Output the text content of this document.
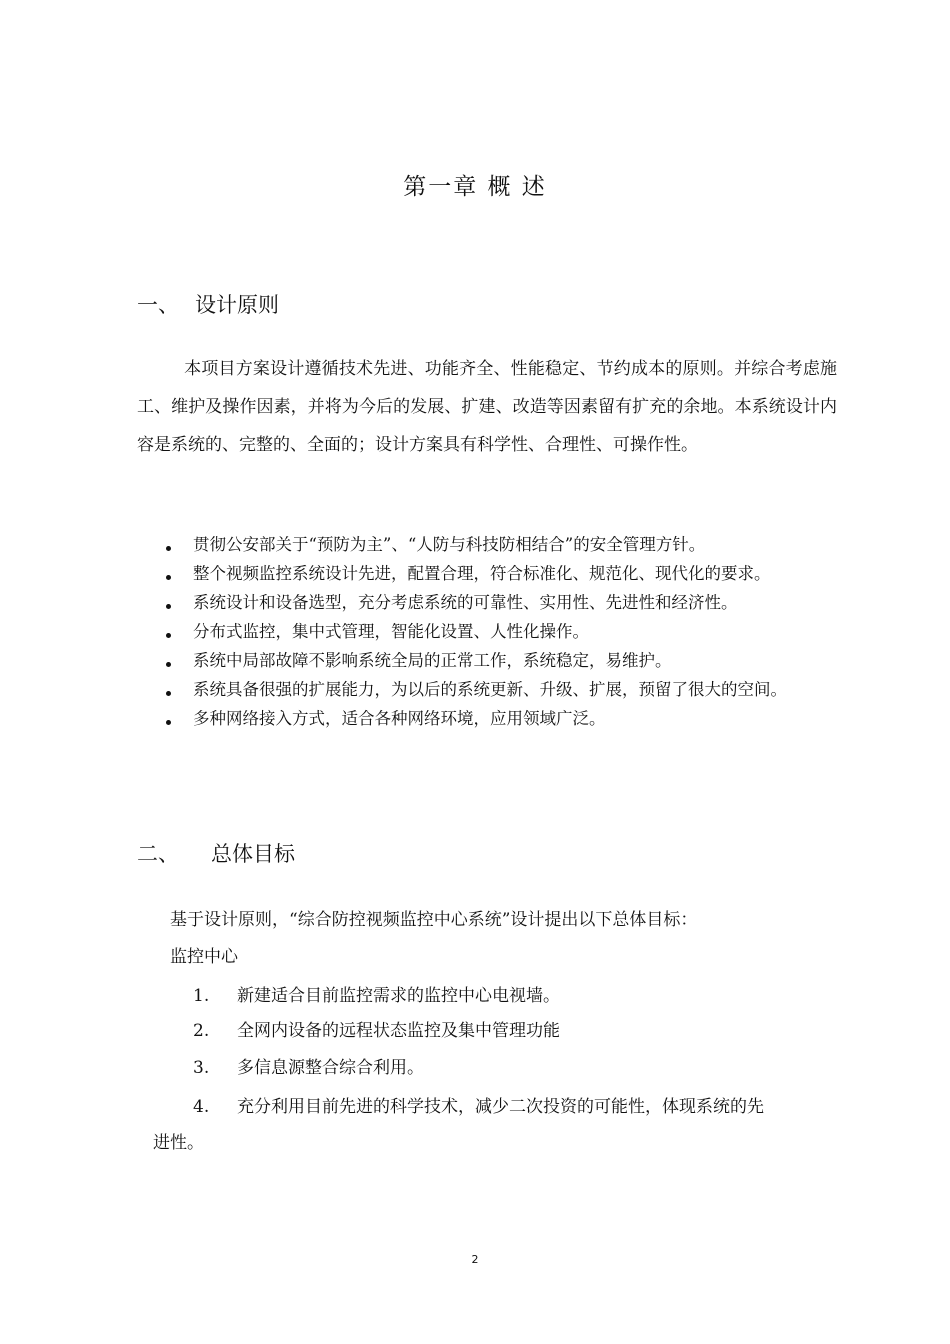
第一章 概 述
一、 设计原则
本项目方案设计遵循技术先进、功能齐全、性能稳定、节约成本的原则。并综合考虑施工、维护及操作因素，并将为今后的发展、扩建、改造等因素留有扩充的余地。本系统设计内容是系统的、完整的、全面的；设计方案具有科学性、合理性、可操作性。
贯彻公安部关于“预防为主”、“人防与科技防相结合”的安全管理方针。
整个视频监控系统设计先进，配置合理，符合标准化、规范化、现代化的要求。
系统设计和设备选型，充分考虑系统的可靠性、实用性、先进性和经济性。
分布式监控，集中式管理，智能化设置、人性化操作。
系统中局部故障不影响系统全局的正常工作，系统稳定，易维护。
系统具备很强的扩展能力，为以后的系统更新、升级、扩展，预留了很大的空间。
多种网络接入方式，适合各种网络环境，应用领域广泛。
二、 总体目标
基于设计原则，“综合防控视频监控中心系统”设计提出以下总体目标：
监控中心
1. 新建适合目前监控需求的监控中心电视墙。
2. 全网内设备的远程状态监控及集中管理功能
3. 多信息源整合综合利用。
4. 充分利用目前先进的科学技术，减少二次投资的可能性，体现系统的先
进性。
2
